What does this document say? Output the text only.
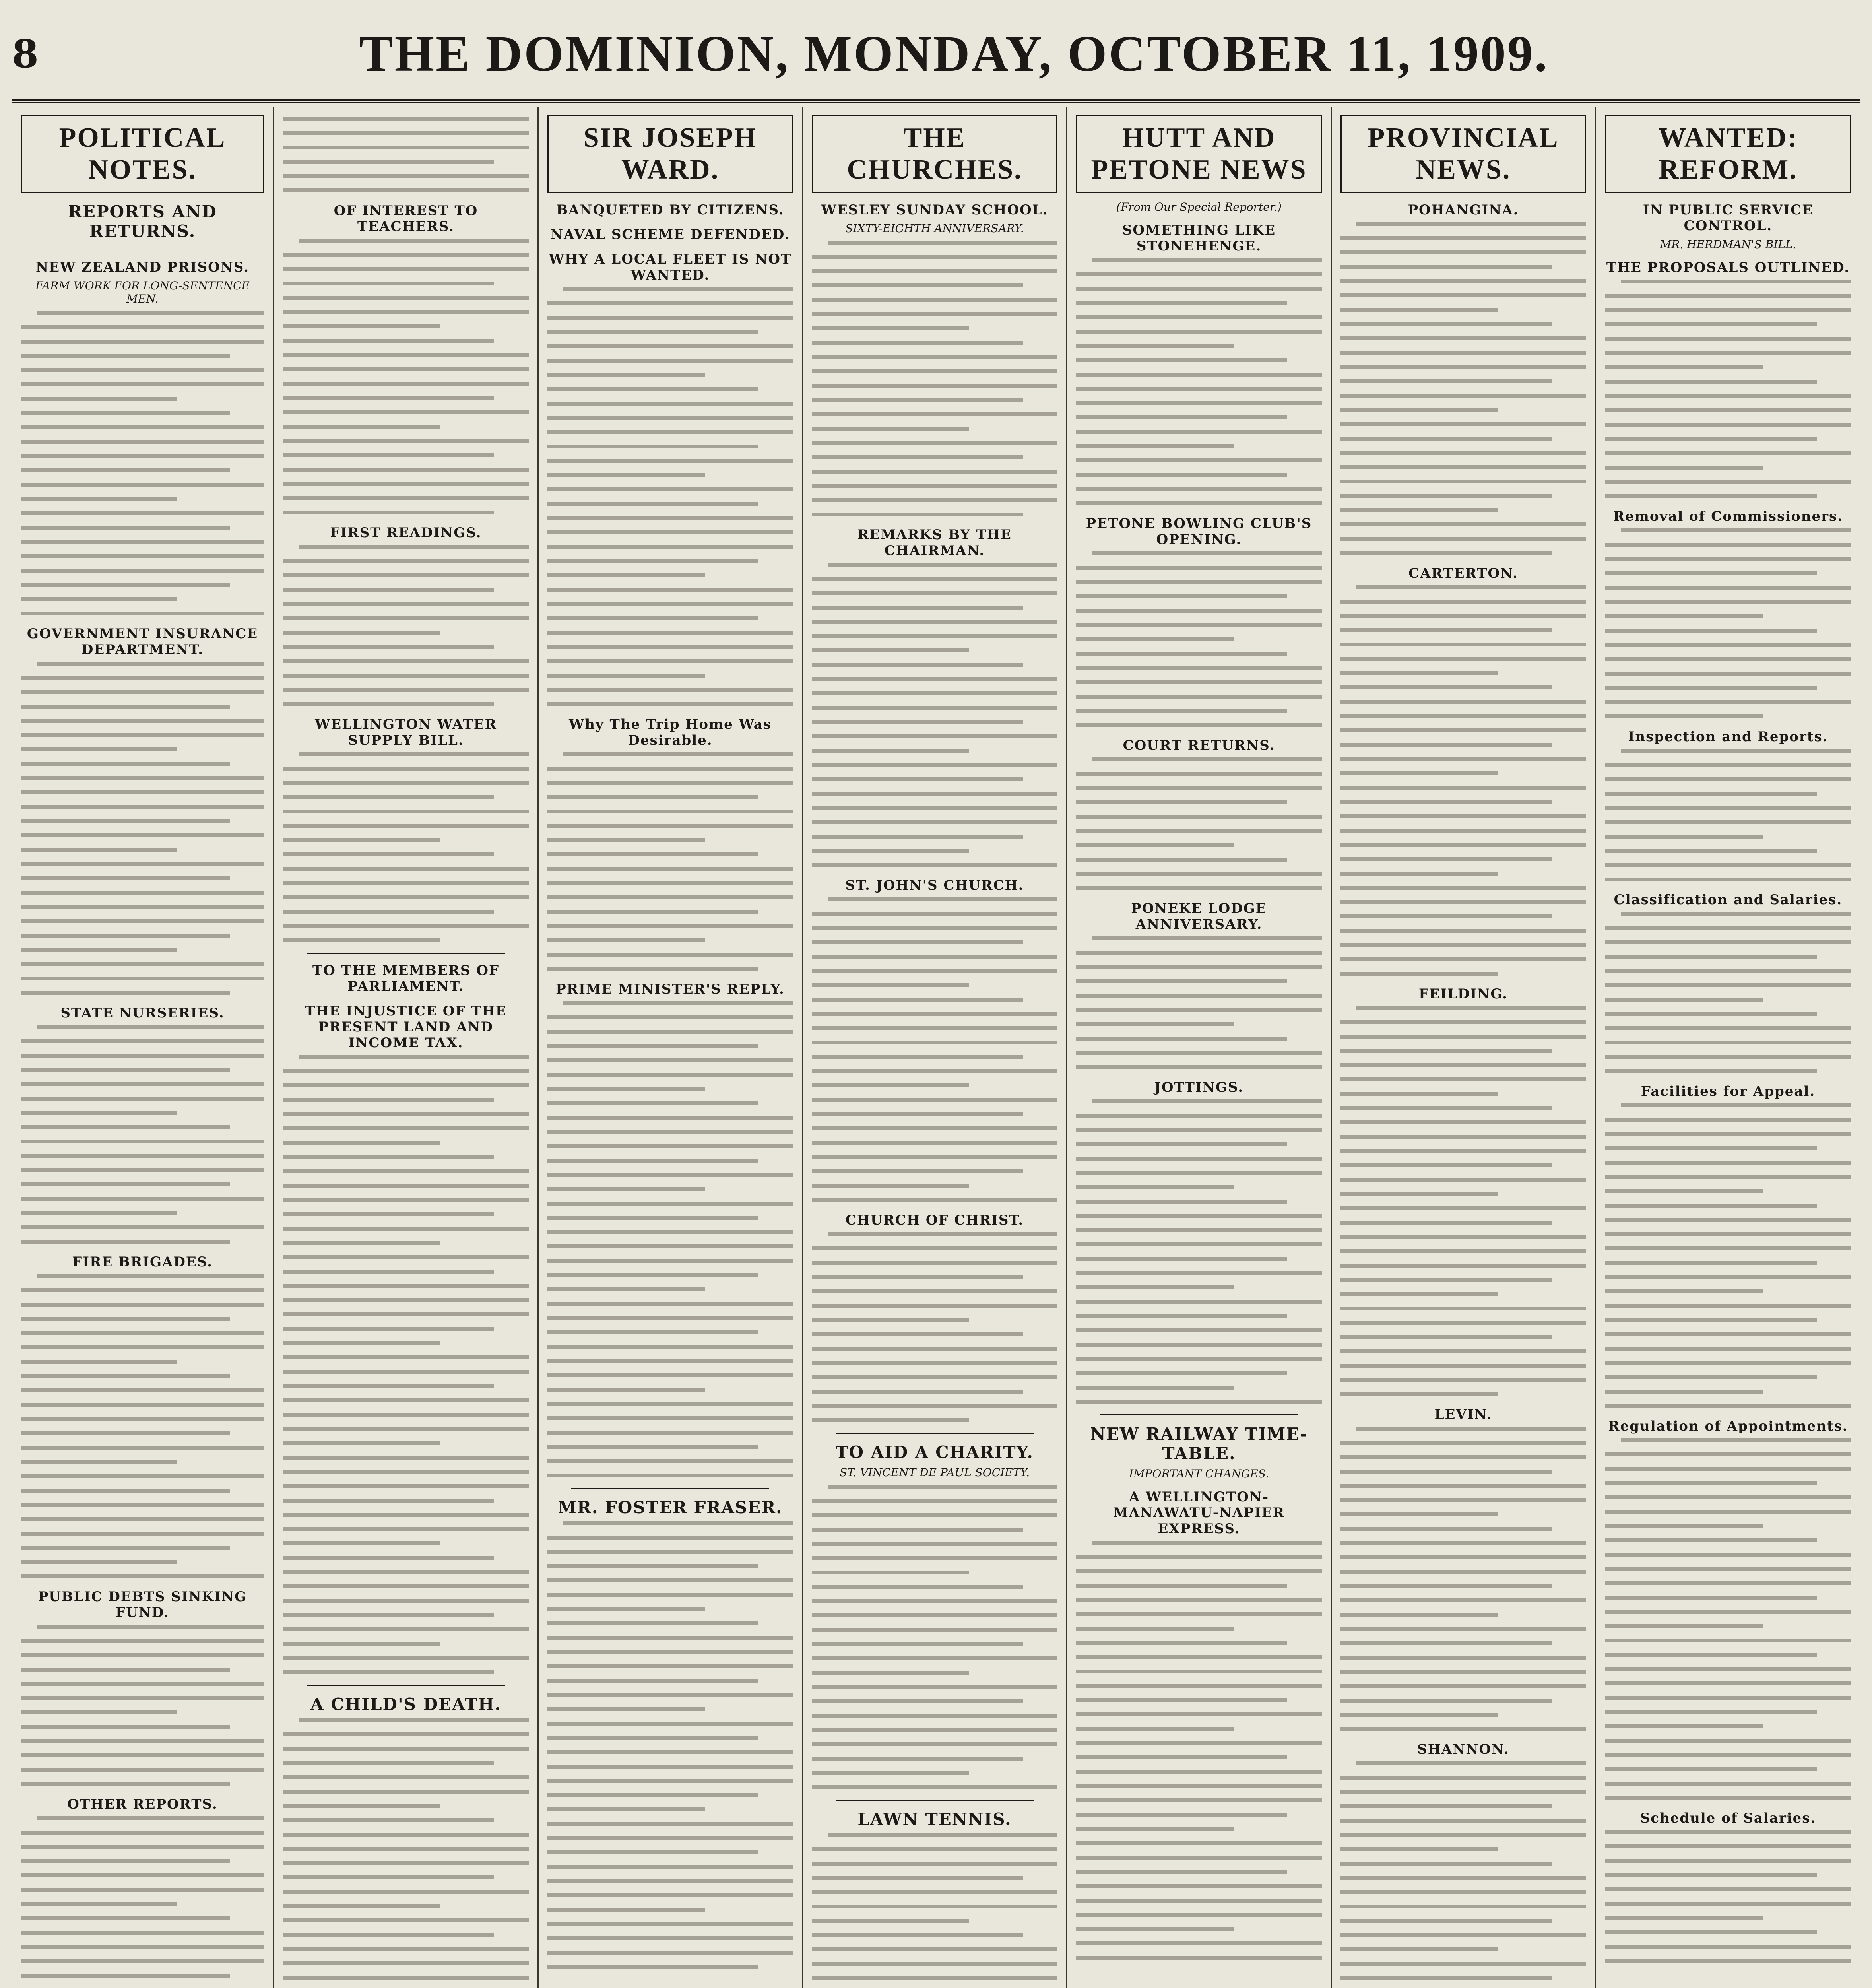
8	THE DOMINION, MONDAY, OCTOBER 11, 1909.
POLITICAL NOTES.
REPORTS AND RETURNS.
NEW ZEALAND PRISONS.
FARM WORK FOR LONG-SENTENCE MEN.
GOVERNMENT INSURANCE DEPARTMENT.
STATE NURSERIES.
FIRE BRIGADES.
PUBLIC DEBTS SINKING FUND.
OTHER REPORTS.
OF INTEREST TO TEACHERS.
FIRST READINGS.
WELLINGTON WATER SUPPLY BILL.
TO THE MEMBERS OF PARLIAMENT.
THE INJUSTICE OF THE PRESENT LAND AND INCOME TAX.
A CHILD'S DEATH.
SIR JOSEPH WARD.
BANQUETED BY CITIZENS.
NAVAL SCHEME DEFENDED.
WHY A LOCAL FLEET IS NOT WANTED.
Why The Trip Home Was Desirable.
PRIME MINISTER'S REPLY.
MR. FOSTER FRASER.
THE CHURCHES.
WESLEY SUNDAY SCHOOL.
SIXTY-EIGHTH ANNIVERSARY.
REMARKS BY THE CHAIRMAN.
ST. JOHN'S CHURCH.
CHURCH OF CHRIST.
TO AID A CHARITY.
ST. VINCENT DE PAUL SOCIETY.
LAWN TENNIS.
HUTT AND PETONE NEWS
(From Our Special Reporter.)
SOMETHING LIKE STONEHENGE.
PETONE BOWLING CLUB'S OPENING.
COURT RETURNS.
PONEKE LODGE ANNIVERSARY.
JOTTINGS.
NEW RAILWAY TIME-TABLE.
IMPORTANT CHANGES.
A WELLINGTON-MANAWATU-NAPIER EXPRESS.
PROVINCIAL NEWS.
POHANGINA.
CARTERTON.
FEILDING.
LEVIN.
SHANNON.
WANTED: REFORM.
IN PUBLIC SERVICE CONTROL.
MR. HERDMAN'S BILL.
THE PROPOSALS OUTLINED.
Removal of Commissioners.
Inspection and Reports.
Classification and Salaries.
Facilities for Appeal.
Regulation of Appointments.
Schedule of Salaries.
